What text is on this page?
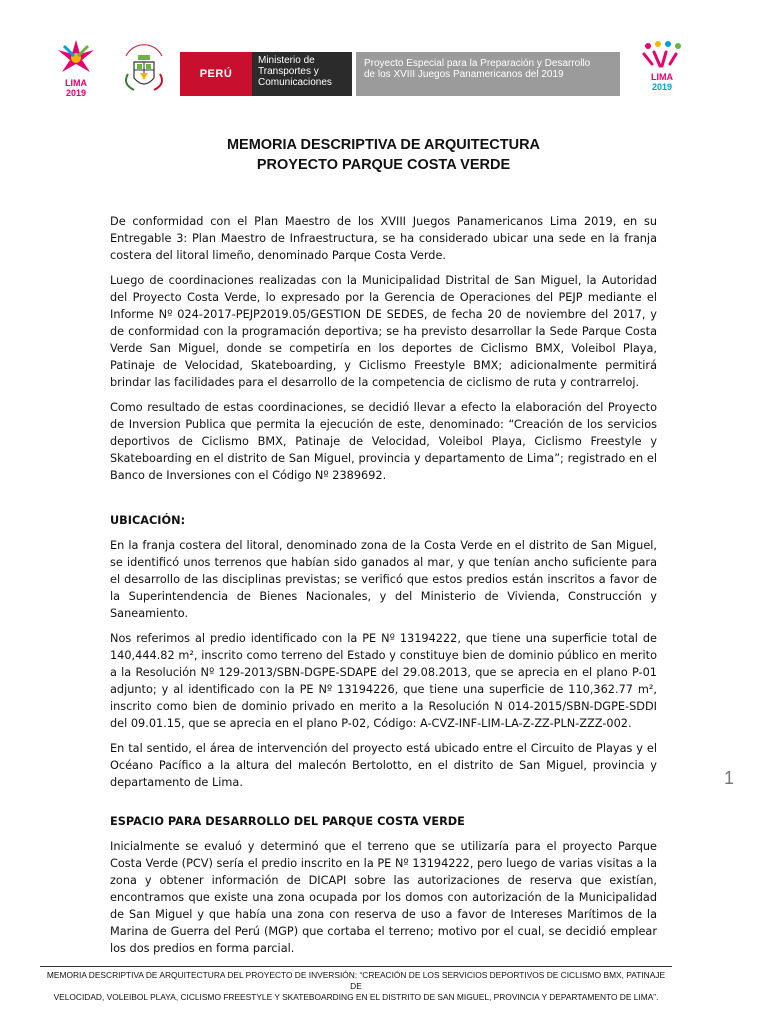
LIMA
2019
PERÚ
Ministerio de
Transportes y
Comunicaciones
Proyecto Especial para la Preparación y Desarrollo
de los XVIII Juegos Panamericanos del 2019	LIMA
2019
MEMORIA DESCRIPTIVA DE ARQUITECTURA
PROYECTO PARQUE COSTA VERDE

De conformidad con el Plan Maestro de los XVIII Juegos Panamericanos Lima 2019, en su Entregable 3: Plan Maestro de Infraestructura, se ha considerado ubicar una sede en la franja costera del litoral limeño, denominado Parque Costa Verde.

Luego de coordinaciones realizadas con la Municipalidad Distrital de San Miguel, la Autoridad del Proyecto Costa Verde, lo expresado por la Gerencia de Operaciones del PEJP mediante el Informe Nº 024-2017-PEJP2019.05/GESTION DE SEDES, de fecha 20 de noviembre del 2017, y de conformidad con la programación deportiva; se ha previsto desarrollar la Sede Parque Costa Verde San Miguel, donde se competiría en los deportes de Ciclismo BMX, Voleibol Playa, Patinaje de Velocidad, Skateboarding, y Ciclismo Freestyle BMX; adicionalmente permitirá brindar las facilidades para el desarrollo de la competencia de ciclismo de ruta y contrarreloj.

Como resultado de estas coordinaciones, se decidió llevar a efecto la elaboración del Proyecto de Inversion Publica que permita la ejecución de este, denominado: “Creación de los servicios deportivos de Ciclismo BMX, Patinaje de Velocidad, Voleibol Playa, Ciclismo Freestyle y Skateboarding en el distrito de San Miguel, provincia y departamento de Lima”; registrado en el Banco de Inversiones con el Código Nº 2389692.

UBICACIÓN:

En la franja costera del litoral, denominado zona de la Costa Verde en el distrito de San Miguel, se identificó unos terrenos que habían sido ganados al mar, y que tenían ancho suficiente para el desarrollo de las disciplinas previstas; se verificó que estos predios están inscritos a favor de la Superintendencia de Bienes Nacionales, y del Ministerio de Vivienda, Construcción y Saneamiento.

Nos referimos al predio identificado con la PE Nº 13194222, que tiene una superficie total de 140,444.82 m², inscrito como terreno del Estado y constituye bien de dominio público en merito a la Resolución Nº 129-2013/SBN-DGPE-SDAPE del 29.08.2013, que se aprecia en el plano P-01 adjunto; y al identificado con la PE Nº 13194226, que tiene una superficie de 110,362.77 m², inscrito como bien de dominio privado en merito a la Resolución N 014-2015/SBN-DGPE-SDDI del 09.01.15, que se aprecia en el plano P-02, Código: A-CVZ-INF-LIM-LA-Z-ZZ-PLN-ZZZ-002.

En tal sentido, el área de intervención del proyecto está ubicado entre el Circuito de Playas y el Océano Pacífico a la altura del malecón Bertolotto, en el distrito de San Miguel, provincia y departamento de Lima.

ESPACIO PARA DESARROLLO DEL PARQUE COSTA VERDE

Inicialmente se evaluó y determinó que el terreno que se utilizaría para el proyecto Parque Costa Verde (PCV) sería el predio inscrito en la PE Nº 13194222, pero luego de varias visitas a la zona y obtener información de DICAPI sobre las autorizaciones de reserva que existían, encontramos que existe una zona ocupada por los domos con autorización de la Municipalidad de San Miguel y que había una zona con reserva de uso a favor de Intereses Marítimos de la Marina de Guerra del Perú (MGP) que cortaba el terreno; motivo por el cual, se decidió emplear los dos predios en forma parcial.

1
MEMORIA DESCRIPTIVA DE ARQUITECTURA DEL PROYECTO DE INVERSIÓN: “CREACIÓN DE LOS SERVICIOS DEPORTIVOS DE CICLISMO BMX, PATINAJE DE
VELOCIDAD, VOLEIBOL PLAYA, CICLISMO FREESTYLE Y SKATEBOARDING EN EL DISTRITO DE SAN MIGUEL, PROVINCIA Y DEPARTAMENTO DE LIMA”.
